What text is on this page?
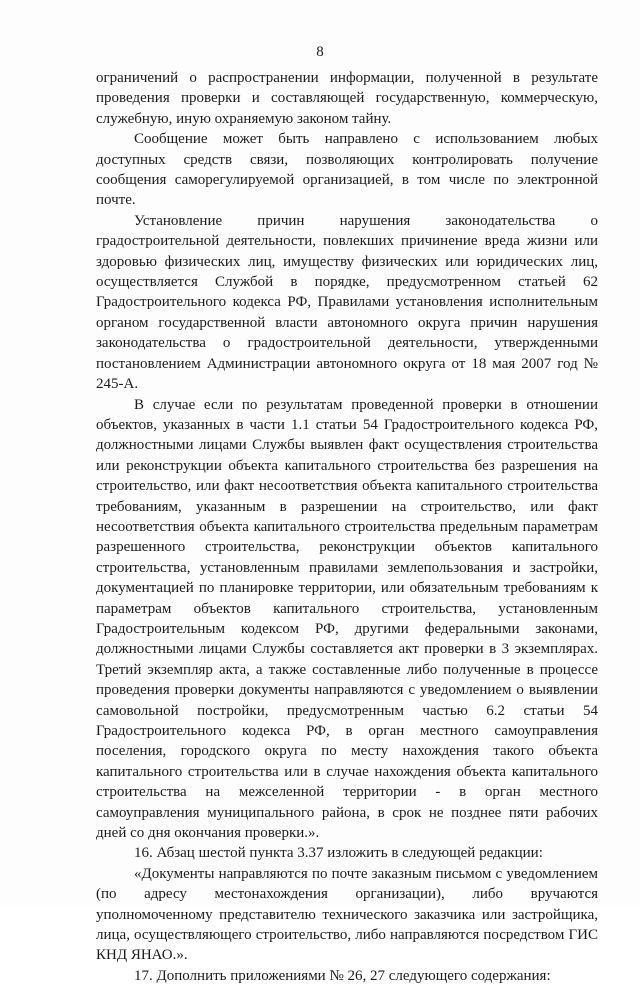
8

ограничений о распространении информации, полученной в результате проведения проверки и составляющей государственную, коммерческую, служебную, иную охраняемую законом тайну.

Сообщение может быть направлено с использованием любых доступных средств связи, позволяющих контролировать получение сообщения саморегулируемой организацией, в том числе по электронной почте.

Установление причин нарушения законодательства о градостроительной деятельности, повлекших причинение вреда жизни или здоровью физических лиц, имуществу физических или юридических лиц, осуществляется Службой в порядке, предусмотренном статьей 62 Градостроительного кодекса РФ, Правилами установления исполнительным органом государственной власти автономного округа причин нарушения законодательства о градостроительной деятельности, утвержденными постановлением Администрации автономного округа от 18 мая 2007 год № 245-А.

В случае если по результатам проведенной проверки в отношении объектов, указанных в части 1.1 статьи 54 Градостроительного кодекса РФ, должностными лицами Службы выявлен факт осуществления строительства или реконструкции объекта капитального строительства без разрешения на строительство, или факт несоответствия объекта капитального строительства требованиям, указанным в разрешении на строительство, или факт несоответствия объекта капитального строительства предельным параметрам разрешенного строительства, реконструкции объектов капитального строительства, установленным правилами землепользования и застройки, документацией по планировке территории, или обязательным требованиям к параметрам объектов капитального строительства, установленным Градостроительным кодексом РФ, другими федеральными законами, должностными лицами Службы составляется акт проверки в 3 экземплярах. Третий экземпляр акта, а также составленные либо полученные в процессе проведения проверки документы направляются с уведомлением о выявлении самовольной постройки, предусмотренным частью 6.2 статьи 54 Градостроительного кодекса РФ, в орган местного самоуправления поселения, городского округа по месту нахождения такого объекта капитального строительства или в случае нахождения объекта капитального строительства на межселенной территории - в орган местного самоуправления муниципального района, в срок не позднее пяти рабочих дней со дня окончания проверки.».

16. Абзац шестой пункта 3.37 изложить в следующей редакции:

«Документы направляются по почте заказным письмом с уведомлением (по адресу местонахождения организации), либо вручаются уполномоченному представителю технического заказчика или застройщика, лица, осуществляющего строительство, либо направляются посредством ГИС КНД ЯНАО.».

17. Дополнить приложениями № 26, 27 следующего содержания:
